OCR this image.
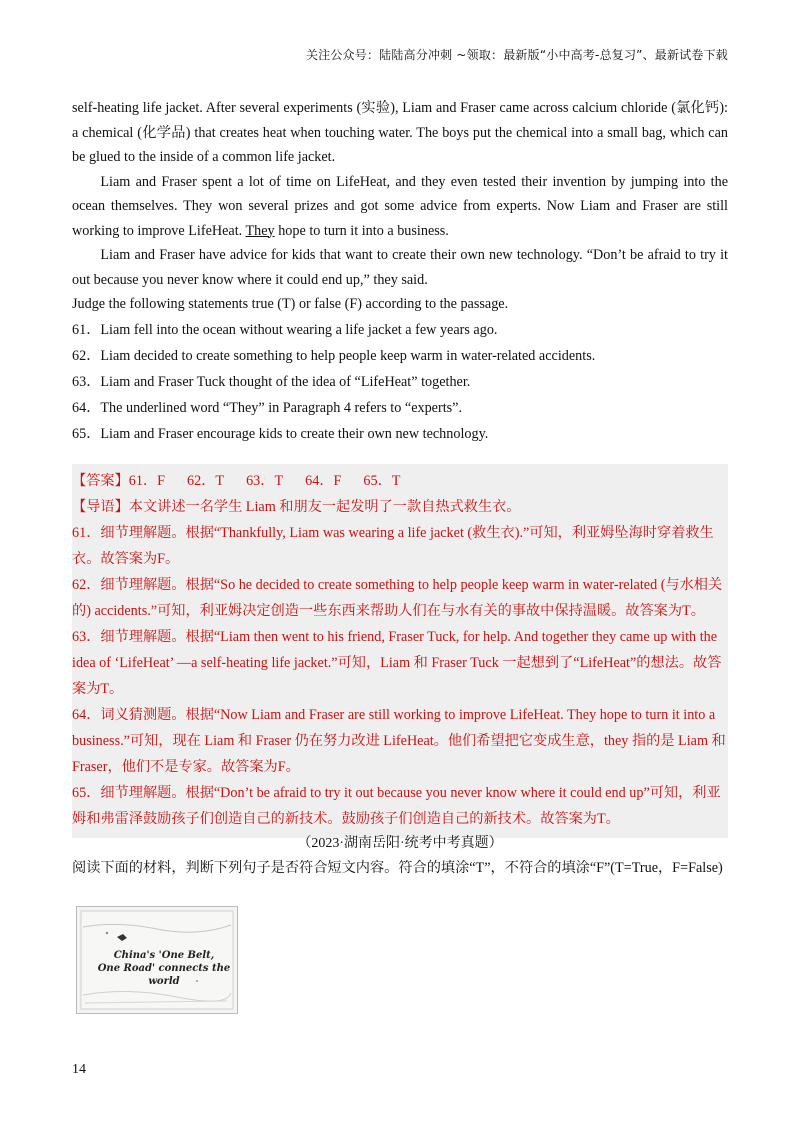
关注公众号：陆陆高分冲刺 ~领取：最新版“小中高考-总复习”、最新试卷下载

self-heating life jacket. After several experiments (实验), Liam and Fraser came across calcium chloride (氯化钙): a chemical (化学品) that creates heat when touching water. The boys put the chemical into a small bag, which can be glued to the inside of a common life jacket.

Liam and Fraser spent a lot of time on LifeHeat, and they even tested their invention by jumping into the ocean themselves. They won several prizes and got some advice from experts. Now Liam and Fraser are still working to improve LifeHeat. They hope to turn it into a business.

Liam and Fraser have advice for kids that want to create their own new technology. “Don’t be afraid to try it out because you never know where it could end up,” they said.

Judge the following statements true (T) or false (F) according to the passage.

61．Liam fell into the ocean without wearing a life jacket a few years ago.

62．Liam decided to create something to help people keep warm in water-related accidents.

63．Liam and Fraser Tuck thought of the idea of “LifeHeat” together.

64．The underlined word “They” in Paragraph 4 refers to “experts”.

65．Liam and Fraser encourage kids to create their own new technology.

【答案】61．F 62．T 63．T 64．F 65．T

【导语】本文讲述一名学生 Liam 和朋友一起发明了一款自热式救生衣。

61．细节理解题。根据“Thankfully, Liam was wearing a life jacket (救生衣).”可知，利亚姆坠海时穿着救生衣。故答案为F。

62．细节理解题。根据“So he decided to create something to help people keep warm in water-related (与水相关的) accidents.”可知，利亚姆决定创造一些东西来帮助人们在与水有关的事故中保持温暖。故答案为T。

63．细节理解题。根据“Liam then went to his friend, Fraser Tuck, for help. And together they came up with the idea of ‘LifeHeat’ —a self-heating life jacket.”可知，Liam 和 Fraser Tuck 一起想到了“LifeHeat”的想法。故答案为T。

64．词义猜测题。根据“Now Liam and Fraser are still working to improve LifeHeat. They hope to turn it into a business.”可知，现在 Liam 和 Fraser 仍在努力改进 LifeHeat。他们希望把它变成生意，they 指的是 Liam 和 Fraser，他们不是专家。故答案为F。

65．细节理解题。根据“Don’t be afraid to try it out because you never know where it could end up”可知，利亚姆和弗雷泽鼓励孩子们创造自己的新技术。鼓励孩子们创造自己的新技术。故答案为T。

（2023·湖南岳阳·统考中考真题）
阅读下面的材料，判断下列句子是否符合短文内容。符合的填涂“T”，不符合的填涂“F”(T=True，F=False)
China's 'One Belt,
One Road' connects the world
14
